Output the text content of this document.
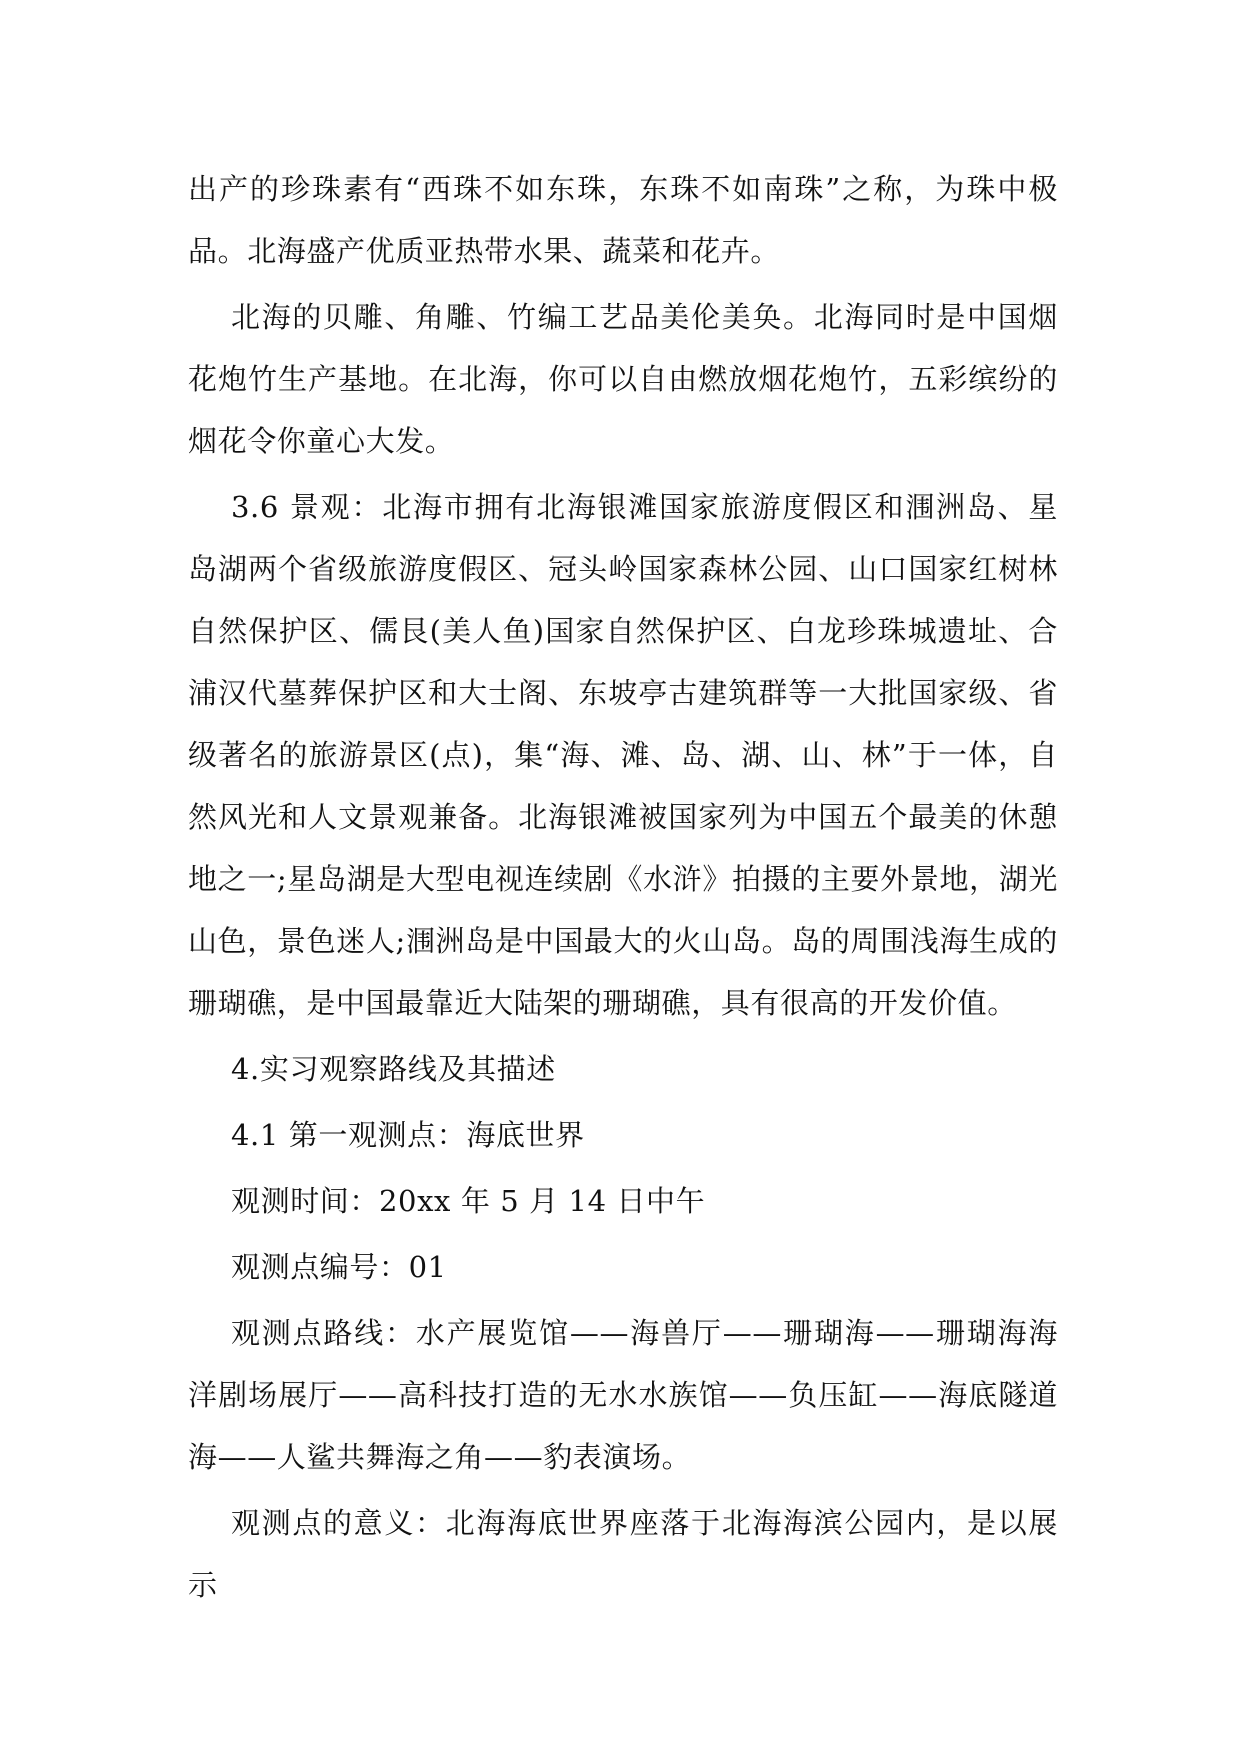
出产的珍珠素有“西珠不如东珠，东珠不如南珠”之称，为珠中极品。北海盛产优质亚热带水果、蔬菜和花卉。

北海的贝雕、角雕、竹编工艺品美伦美奂。北海同时是中国烟花炮竹生产基地。在北海，你可以自由燃放烟花炮竹，五彩缤纷的烟花令你童心大发。

3.6 景观：北海市拥有北海银滩国家旅游度假区和涠洲岛、星岛湖两个省级旅游度假区、冠头岭国家森林公园、山口国家红树林自然保护区、儒艮(美人鱼)国家自然保护区、白龙珍珠城遗址、合浦汉代墓葬保护区和大士阁、东坡亭古建筑群等一大批国家级、省级著名的旅游景区(点)，集“海、滩、岛、湖、山、林”于一体，自然风光和人文景观兼备。北海银滩被国家列为中国五个最美的休憩地之一;星岛湖是大型电视连续剧《水浒》拍摄的主要外景地，湖光山色，景色迷人;涠洲岛是中国最大的火山岛。岛的周围浅海生成的珊瑚礁，是中国最靠近大陆架的珊瑚礁，具有很高的开发价值。

4.实习观察路线及其描述

4.1 第一观测点：海底世界

观测时间：20xx 年 5 月 14 日中午

观测点编号：01

观测点路线：水产展览馆——海兽厅——珊瑚海——珊瑚海海洋剧场展厅——高科技打造的无水水族馆——负压缸——海底隧道海——人鲨共舞海之角——豹表演场。

观测点的意义：北海海底世界座落于北海海滨公园内，是以展示
